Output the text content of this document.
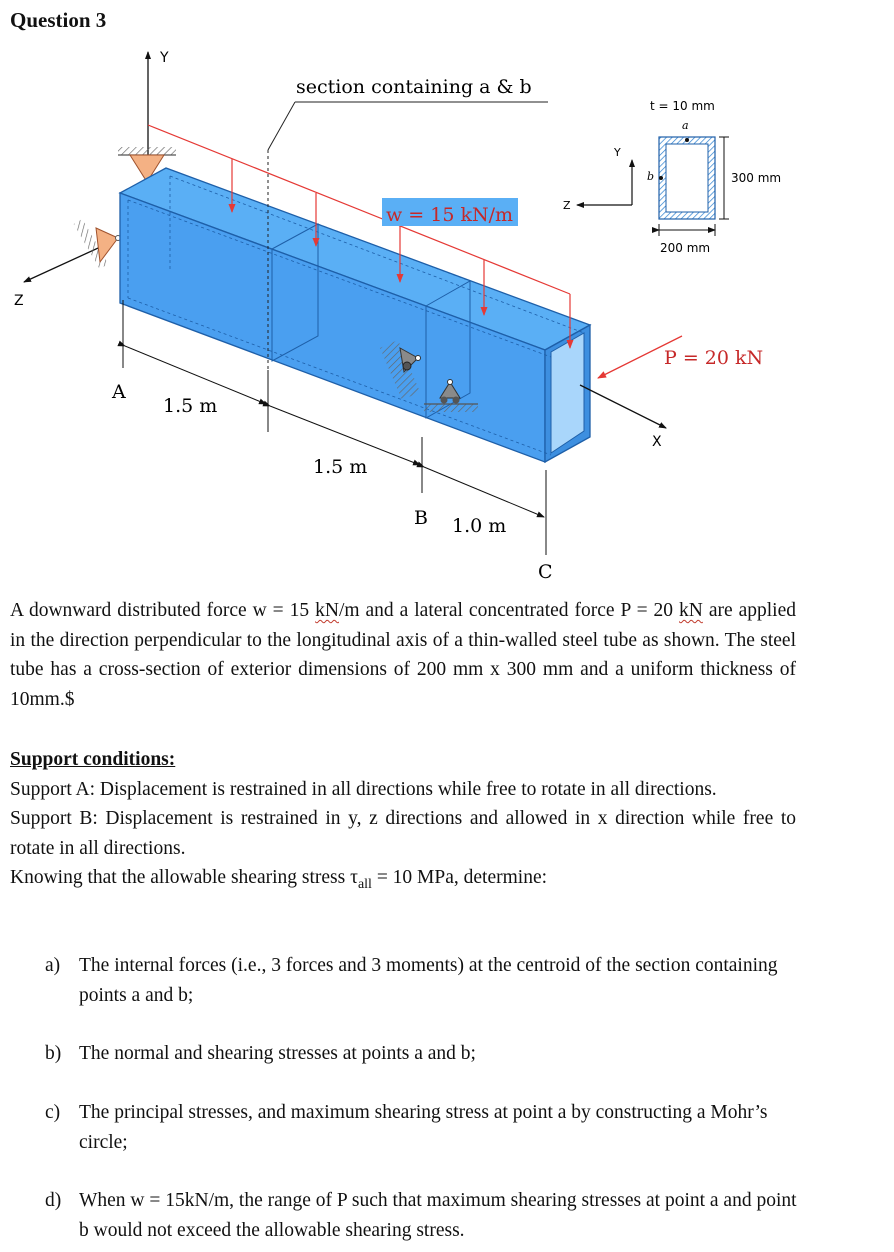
Question 3
Y
Z
section containing a & b
w = 15 kN/m
P = 20 kN
X
A
1.5 m
1.5 m
B 1.0 m
C
t = 10 mm
a
b	300 mm
200 mm
Y
Z
A downward distributed force w = 15 kN/m and a lateral concentrated force P = 20 kN are applied in the direction perpendicular to the longitudinal axis of a thin-walled steel tube as shown. The steel tube has a cross-section of exterior dimensions of 200 mm x 300 mm and a uniform thickness of 10mm.$
Support conditions:
Support A: Displacement is restrained in all directions while free to rotate in all directions.
Support B: Displacement is restrained in y, z directions and allowed in x direction while free to rotate in all directions.
Knowing that the allowable shearing stress $\tau_{all} = 10$ MPa, determine:
a) The internal forces (i.e., 3 forces and 3 moments) at the centroid of the section containing points a and b;
b) The normal and shearing stresses at points a and b;
c) The principal stresses, and maximum shearing stress at point a by constructing a Mohr’s circle;
d) When w = 15kN/m, the range of P such that maximum shearing stresses at point a and point b would not exceed the allowable shearing stress.
